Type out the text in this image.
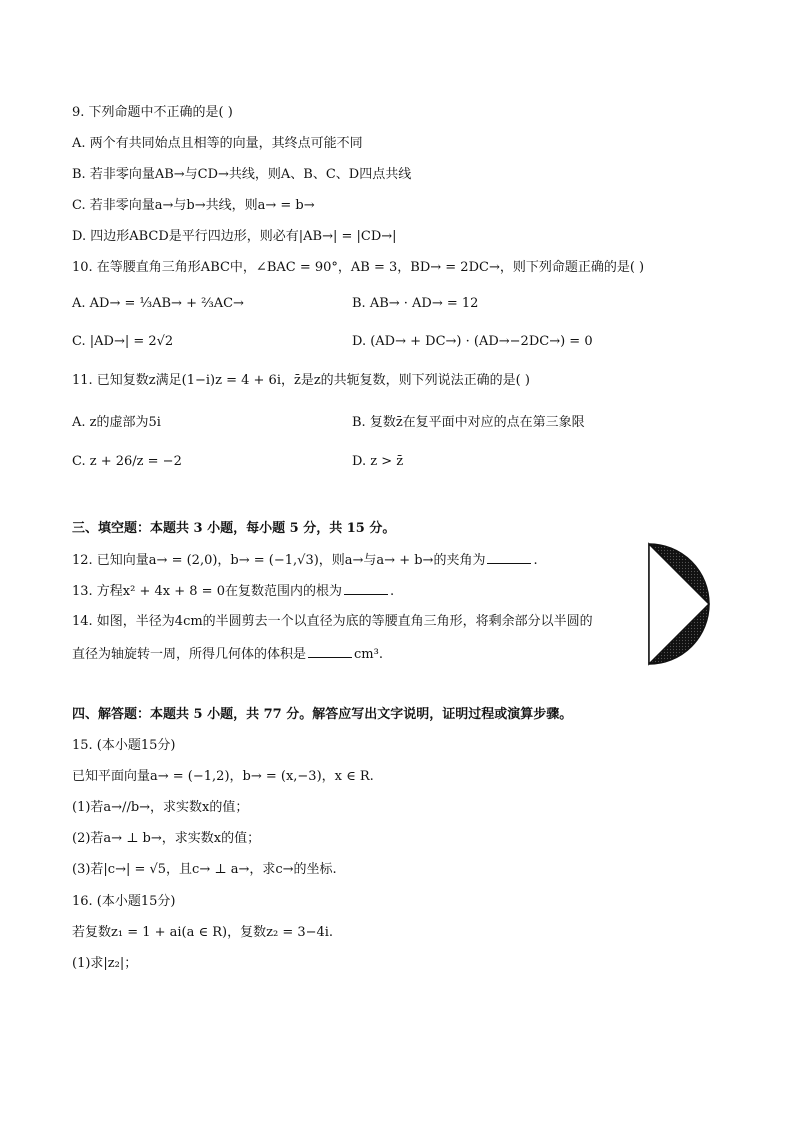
9. 下列命题中不正确的是( )
A. 两个有共同始点且相等的向量，其终点可能不同
B. 若非零向量AB→与CD→共线，则A、B、C、D四点共线
C. 若非零向量a→与b→共线，则a→ = b→
D. 四边形ABCD是平行四边形，则必有|AB→| = |CD→|
10. 在等腰直角三角形ABC中，∠BAC = 90°，AB = 3，BD→ = 2DC→，则下列命题正确的是( )
A. AD→ = ⅓AB→ + ⅔AC→	B. AB→ · AD→ = 12
C. |AD→| = 2√2	D. (AD→ + DC→) · (AD→−2DC→) = 0
11. 已知复数z满足(1−i)z = 4 + 6i，z̄是z的共轭复数，则下列说法正确的是( )
A. z的虚部为5i	B. 复数z̄在复平面中对应的点在第三象限
C. z + 26/z = −2	D. z > z̄
三、填空题：本题共 3 小题，每小题 5 分，共 15 分。
12. 已知向量a→ = (2,0)，b→ = (−1,√3)，则a→与a→ + b→的夹角为	.
13. 方程x² + 4x + 8 = 0在复数范围内的根为	.
14. 如图，半径为4cm的半圆剪去一个以直径为底的等腰直角三角形，将剩余部分以半圆的
直径为轴旋转一周，所得几何体的体积是	cm³.
四、解答题：本题共 5 小题，共 77 分。解答应写出文字说明，证明过程或演算步骤。
15. (本小题15分)
已知平面向量a→ = (−1,2)，b→ = (x,−3)，x ∈ R.
(1)若a→//b→，求实数x的值；
(2)若a→ ⊥ b→，求实数x的值；
(3)若|c→| = √5，且c→ ⊥ a→，求c→的坐标.
16. (本小题15分)
若复数z₁ = 1 + ai(a ∈ R)，复数z₂ = 3−4i.
(1)求|z₂|；
